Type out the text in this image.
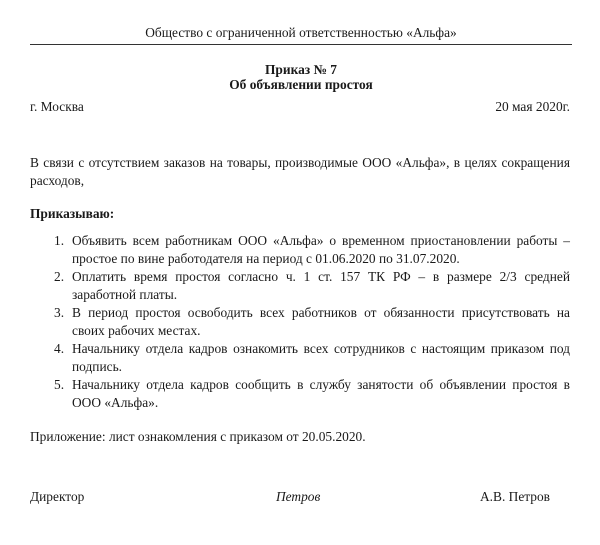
Общество с ограниченной ответственностью «Альфа»
Приказ № 7
Об объявлении простоя
г. Москва	20 мая 2020г.

В связи с отсутствием заказов на товары, производимые ООО «Альфа», в целях сокращения расходов,

Приказываю:
1. Объявить всем работникам ООО «Альфа» о временном приостановлении работы – простое по вине работодателя на период с 01.06.2020 по 31.07.2020.
2. Оплатить время простоя согласно ч. 1 ст. 157 ТК РФ – в размере 2/3 средней заработной платы.
3. В период простоя освободить всех работников от обязанности присутствовать на своих рабочих местах.
4. Начальнику отдела кадров ознакомить всех сотрудников с настоящим приказом под подпись.
5. Начальнику отдела кадров сообщить в службу занятости об объявлении простоя в ООО «Альфа».
Приложение: лист ознакомления с приказом от 20.05.2020.
Директор	Петров	А.В. Петров
